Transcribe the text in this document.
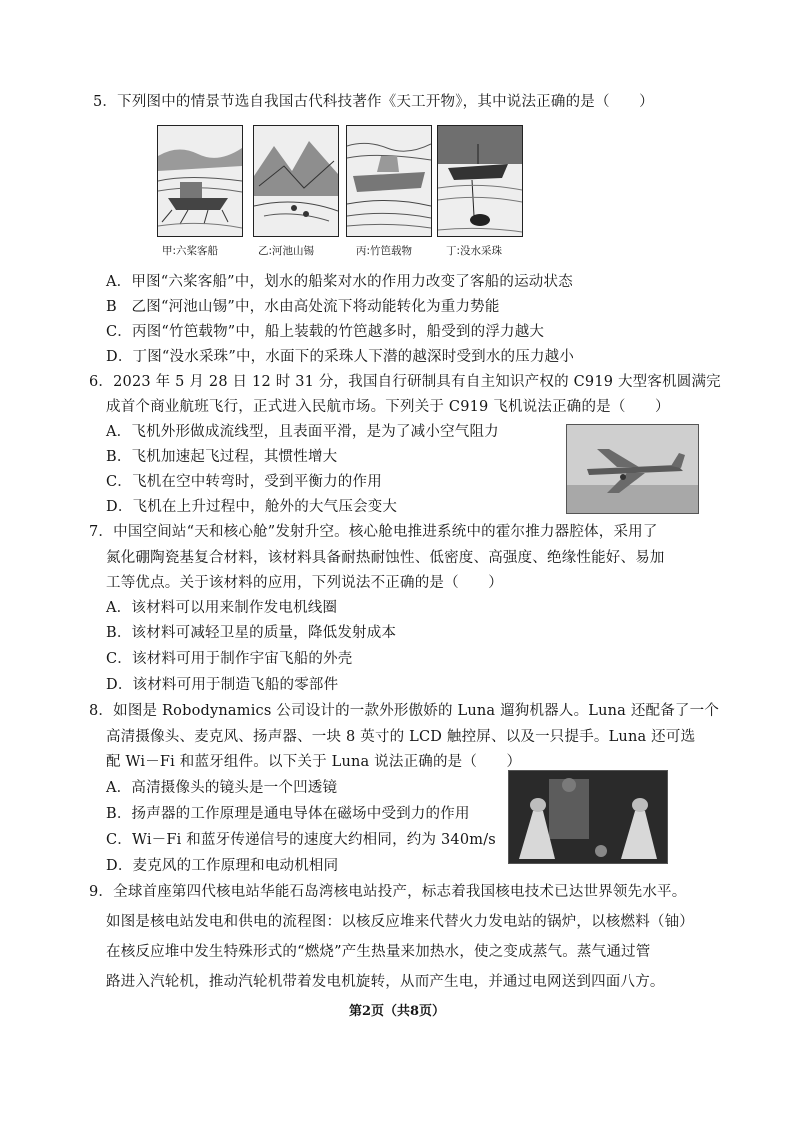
5．下列图中的情景节选自我国古代科技著作《天工开物》，其中说法正确的是（　　）
甲:六桨客船	乙:河池山锡	丙:竹笆载物	丁:没水采珠
A．甲图“六桨客船”中，划水的船桨对水的作用力改变了客船的运动状态
B　乙图“河池山锡”中，水由高处流下将动能转化为重力势能
C．丙图“竹笆载物”中，船上装载的竹笆越多时，船受到的浮力越大
D．丁图“没水采珠”中，水面下的采珠人下潜的越深时受到水的压力越小
6．2023 年 5 月 28 日 12 时 31 分，我国自行研制具有自主知识产权的 C919 大型客机圆满完
成首个商业航班飞行，正式进入民航市场。下列关于 C919 飞机说法正确的是（　　）
A．飞机外形做成流线型，且表面平滑，是为了减小空气阻力
B．飞机加速起飞过程，其惯性增大
C．飞机在空中转弯时，受到平衡力的作用
D．飞机在上升过程中，舱外的大气压会变大
7．中国空间站“天和核心舱”发射升空。核心舱电推进系统中的霍尔推力器腔体，采用了
氮化硼陶瓷基复合材料，该材料具备耐热耐蚀性、低密度、高强度、绝缘性能好、易加
工等优点。关于该材料的应用，下列说法不正确的是（　　）
A．该材料可以用来制作发电机线圈
B．该材料可减轻卫星的质量，降低发射成本
C．该材料可用于制作宇宙飞船的外壳
D．该材料可用于制造飞船的零部件
8．如图是 Robodynamics 公司设计的一款外形傲娇的 Luna 遛狗机器人。Luna 还配备了一个
高清摄像头、麦克风、扬声器、一块 8 英寸的 LCD 触控屏、以及一只提手。Luna 还可选
配 Wi－Fi 和蓝牙组件。以下关于 Luna 说法正确的是（　　）
A．高清摄像头的镜头是一个凹透镜
B．扬声器的工作原理是通电导体在磁场中受到力的作用
C．Wi－Fi 和蓝牙传递信号的速度大约相同，约为 340m/s
D．麦克风的工作原理和电动机相同
9．全球首座第四代核电站华能石岛湾核电站投产，标志着我国核电技术已达世界领先水平。
如图是核电站发电和供电的流程图：以核反应堆来代替火力发电站的锅炉，以核燃料（铀）
在核反应堆中发生特殊形式的“燃烧”产生热量来加热水，使之变成蒸气。蒸气通过管
路进入汽轮机，推动汽轮机带着发电机旋转，从而产生电，并通过电网送到四面八方。
第2页（共8页）
